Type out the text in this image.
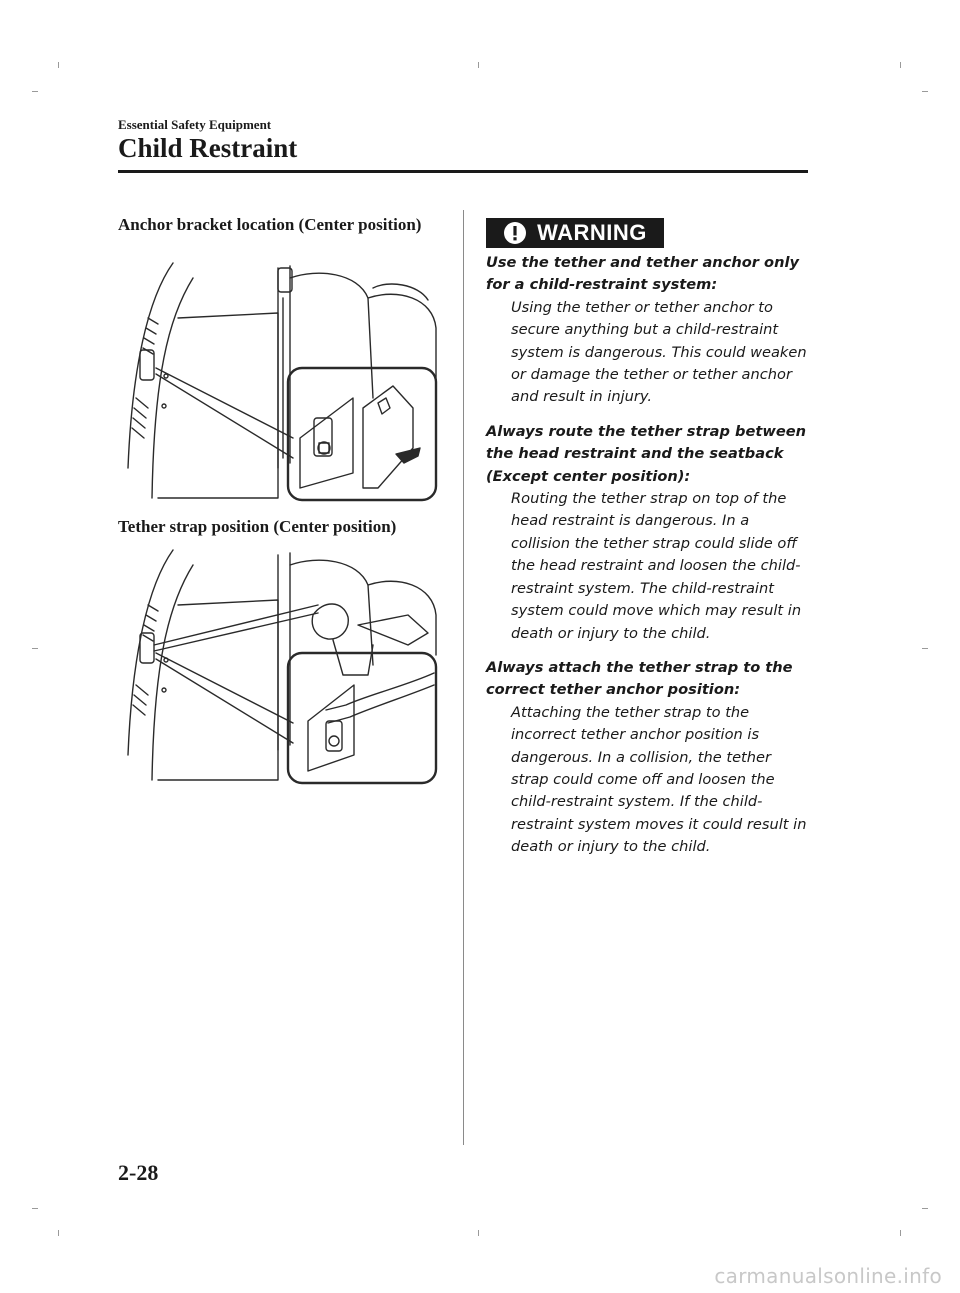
Essential Safety Equipment
Child Restraint
Anchor bracket location (Center position)
Tether strap position (Center position)
WARNING
Use the tether and tether anchor only for a child-restraint system:
Using the tether or tether anchor to secure anything but a child-restraint system is dangerous. This could weaken or damage the tether or tether anchor and result in injury.
Always route the tether strap between the head restraint and the seatback (Except center position):
Routing the tether strap on top of the head restraint is dangerous. In a collision the tether strap could slide off the head restraint and loosen the child-restraint system. The child-restraint system could move which may result in death or injury to the child.
Always attach the tether strap to the correct tether anchor position:
Attaching the tether strap to the incorrect tether anchor position is dangerous. In a collision, the tether strap could come off and loosen the child-restraint system. If the child-restraint system moves it could result in death or injury to the child.
2-28
carmanualsonline.info
